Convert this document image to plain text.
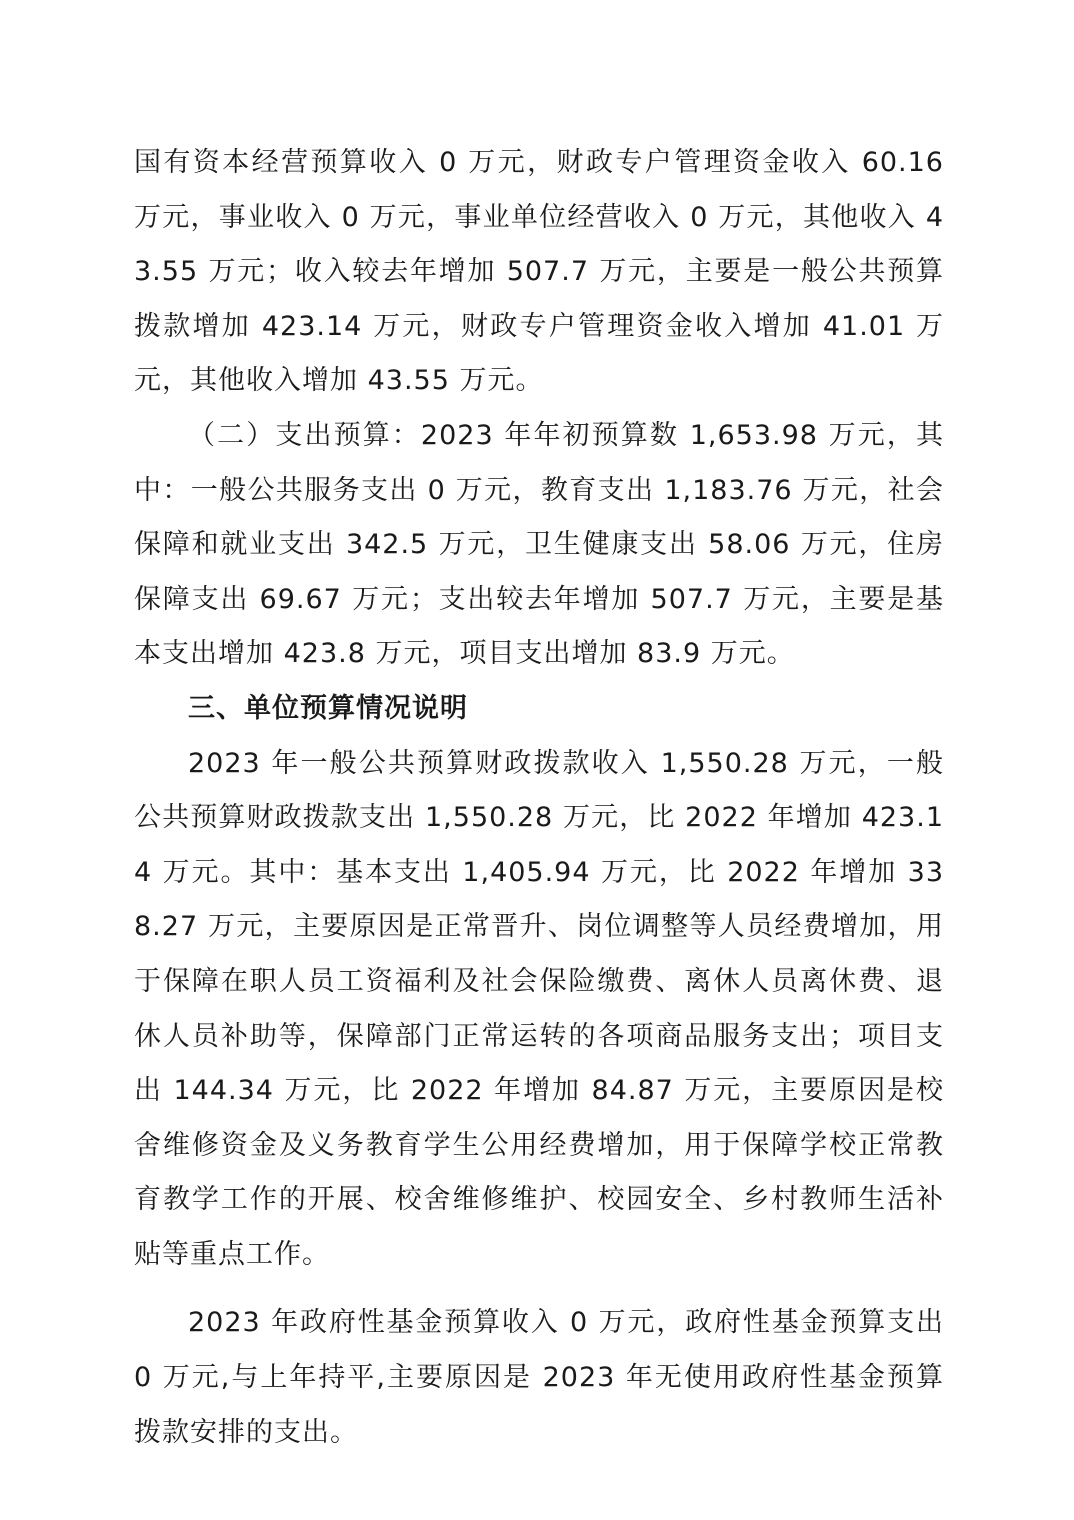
国有资本经营预算收入 0 万元，财政专户管理资金收入 60.16 万元，事业收入 0 万元，事业单位经营收入 0 万元，其他收入 43.55 万元；收入较去年增加 507.7 万元，主要是一般公共预算拨款增加 423.14 万元，财政专户管理资金收入增加 41.01 万元，其他收入增加 43.55 万元。

（二）支出预算：2023 年年初预算数 1,653.98 万元，其中：一般公共服务支出 0 万元，教育支出 1,183.76 万元，社会保障和就业支出 342.5 万元，卫生健康支出 58.06 万元，住房保障支出 69.67 万元；支出较去年增加 507.7 万元，主要是基本支出增加 423.8 万元，项目支出增加 83.9 万元。

三、单位预算情况说明

2023 年一般公共预算财政拨款收入 1,550.28 万元，一般公共预算财政拨款支出 1,550.28 万元，比 2022 年增加 423.14 万元。其中：基本支出 1,405.94 万元，比 2022 年增加 338.27 万元，主要原因是正常晋升、岗位调整等人员经费增加，用于保障在职人员工资福利及社会保险缴费、离休人员离休费、退休人员补助等，保障部门正常运转的各项商品服务支出；项目支出 144.34 万元，比 2022 年增加 84.87 万元，主要原因是校舍维修资金及义务教育学生公用经费增加，用于保障学校正常教育教学工作的开展、校舍维修维护、校园安全、乡村教师生活补贴等重点工作。

2023 年政府性基金预算收入 0 万元，政府性基金预算支出 0 万元,与上年持平,主要原因是 2023 年无使用政府性基金预算拨款安排的支出。
